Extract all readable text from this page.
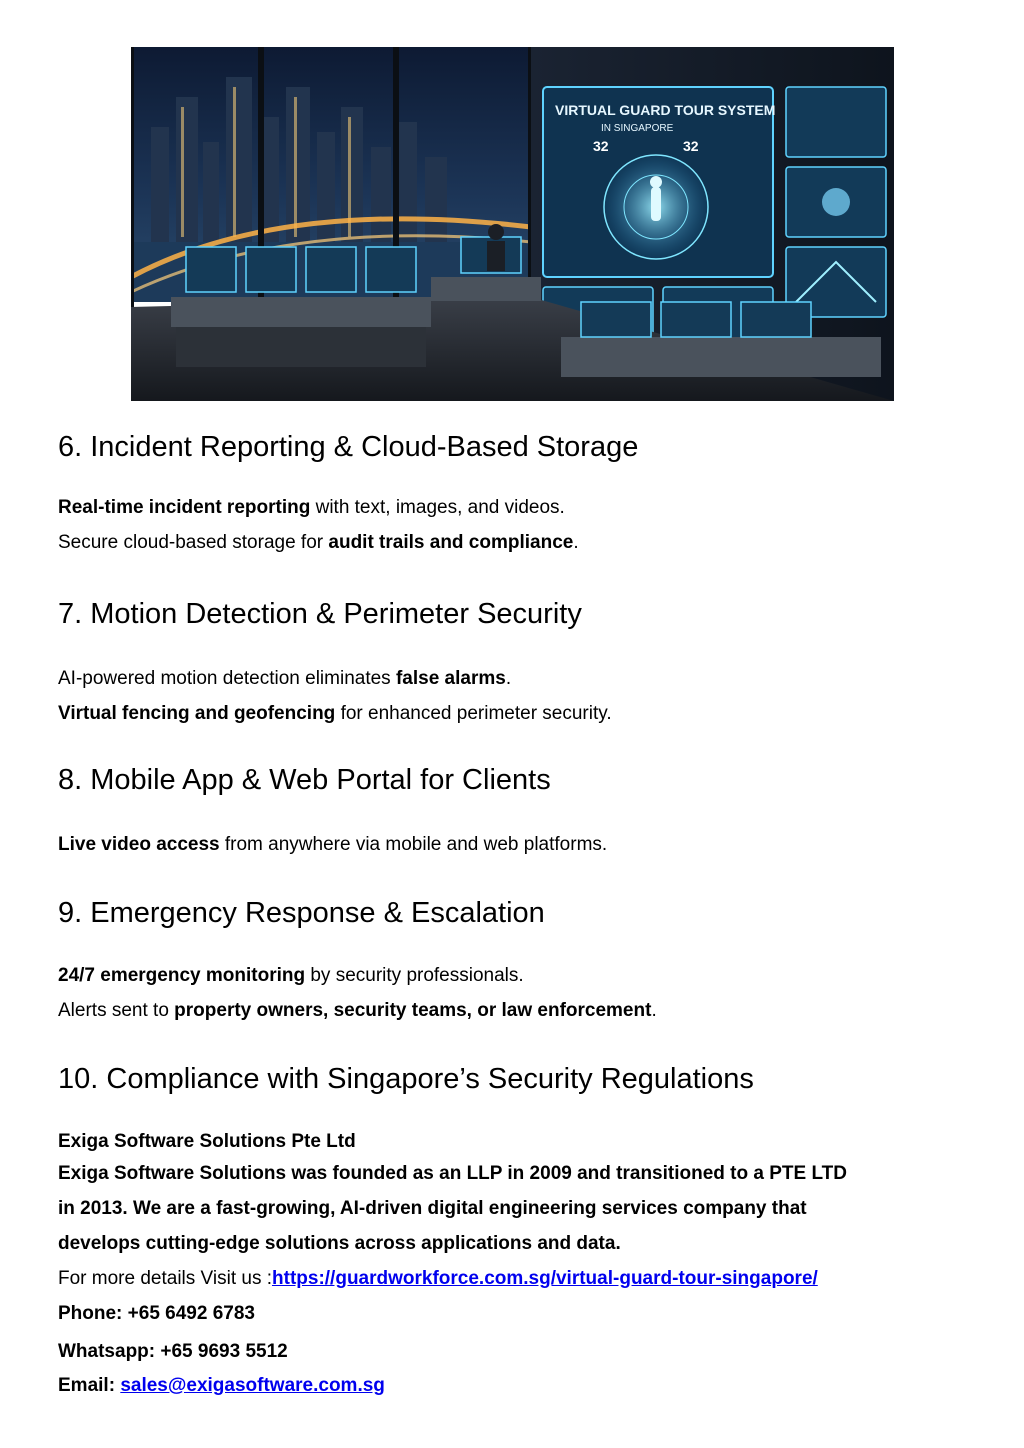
VIRTUAL GUARD TOUR SYSTEM
IN SINGAPORE
32	32
6. Incident Reporting & Cloud-Based Storage

Real-time incident reporting with text, images, and videos.

Secure cloud-based storage for audit trails and compliance.

7. Motion Detection & Perimeter Security

AI-powered motion detection eliminates false alarms.

Virtual fencing and geofencing for enhanced perimeter security.

8. Mobile App & Web Portal for Clients

Live video access from anywhere via mobile and web platforms.

9. Emergency Response & Escalation

24/7 emergency monitoring by security professionals.

Alerts sent to property owners, security teams, or law enforcement.

10. Compliance with Singapore’s Security Regulations

Exiga Software Solutions Pte Ltd

Exiga Software Solutions was founded as an LLP in 2009 and transitioned to a PTE LTD

in 2013. We are a fast-growing, AI-driven digital engineering services company that

develops cutting-edge solutions across applications and data.

For more details Visit us :https://guardworkforce.com.sg/virtual-guard-tour-singapore/

Phone: +65 6492 6783

Whatsapp: +65 9693 5512

Email: sales@exigasoftware.com.sg
